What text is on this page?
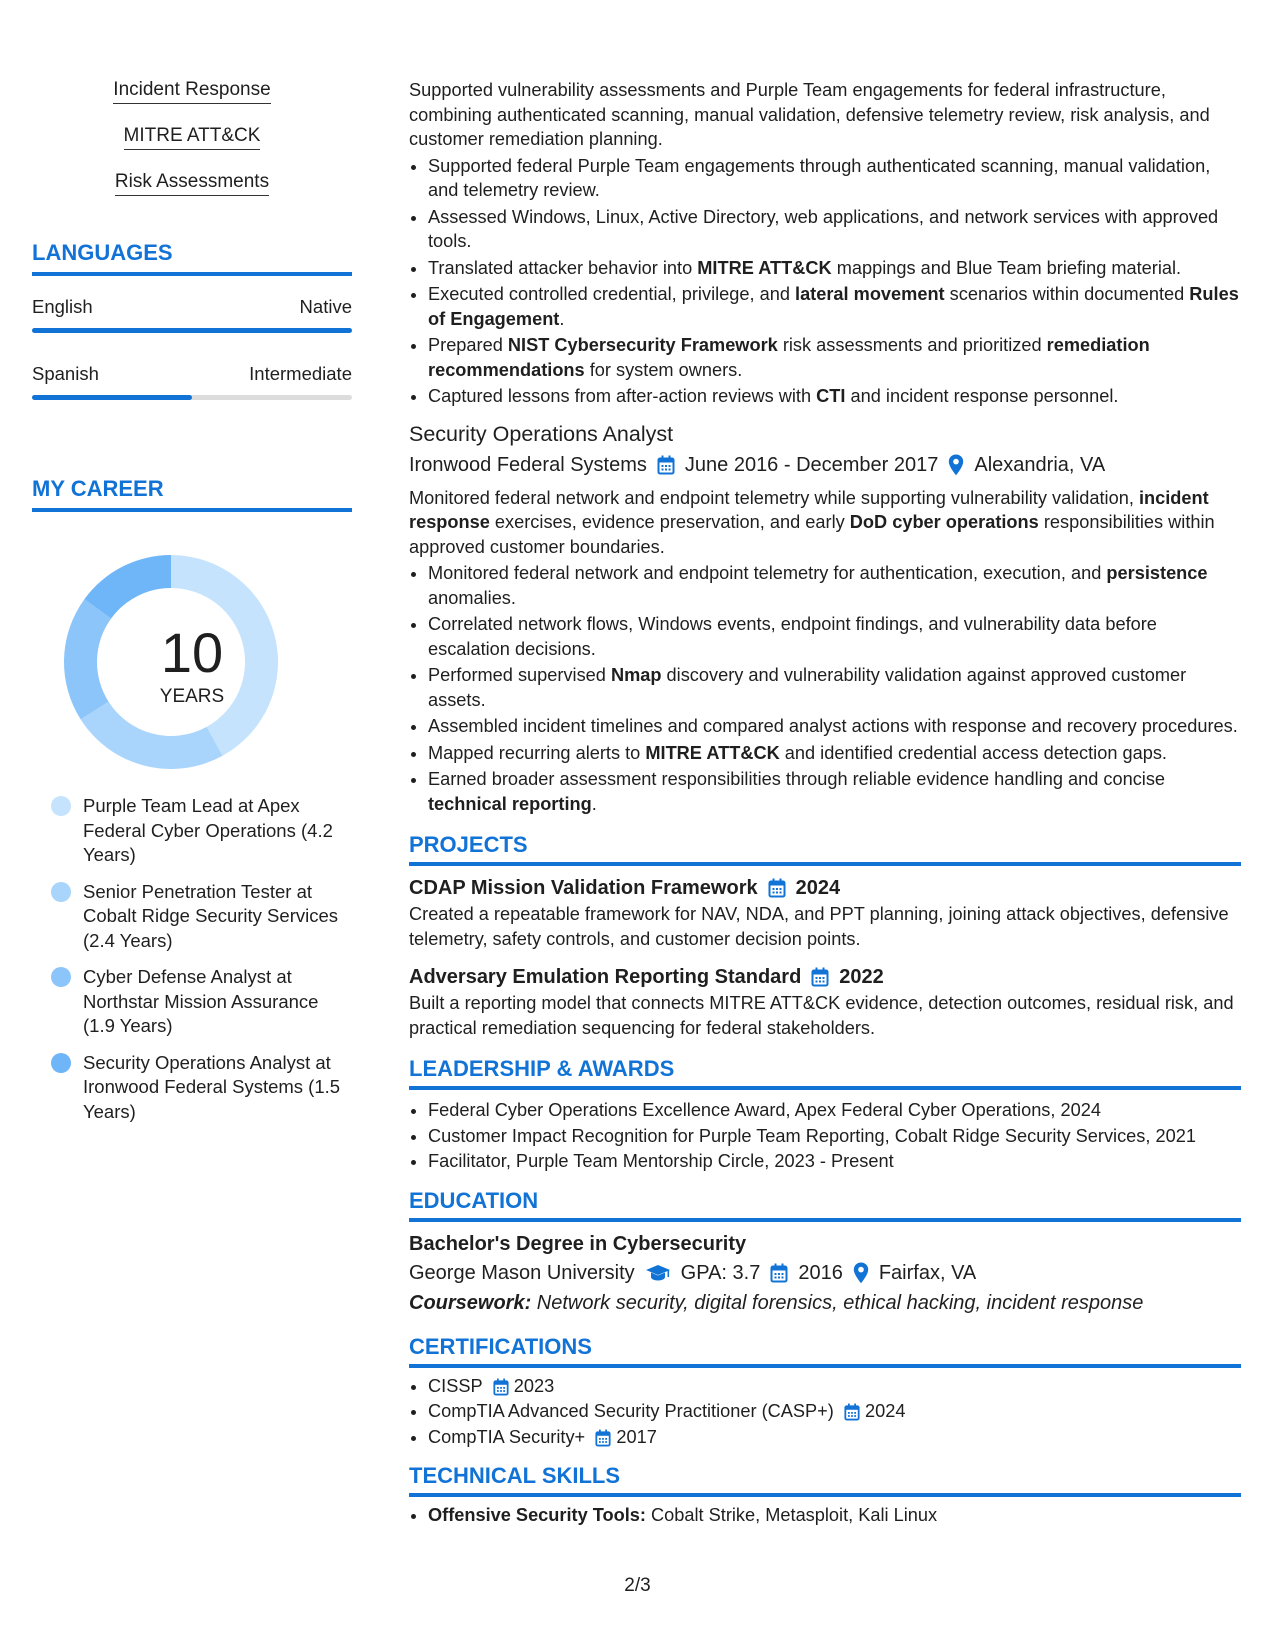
Incident ResponseMITRE ATT&CK
Risk Assessments
LANGUAGES
English	Native
Spanish	Intermediate
MY CAREER
10
YEARS
Purple Team Lead at Apex Federal Cyber Operations (4.2 Years)
Senior Penetration Tester at Cobalt Ridge Security Services (2.4 Years)
Cyber Defense Analyst at Northstar Mission Assurance (1.9 Years)
Security Operations Analyst at Ironwood Federal Systems (1.5 Years)

Supported vulnerability assessments and Purple Team engagements for federal infrastructure, combining authenticated scanning, manual validation, defensive telemetry review, risk analysis, and customer remediation planning.

• Supported federal Purple Team engagements through authenticated scanning, manual validation, and telemetry review.
• Assessed Windows, Linux, Active Directory, web applications, and network services with approved tools.
• Translated attacker behavior into MITRE ATT&CK mappings and Blue Team briefing material.
• Executed controlled credential, privilege, and lateral movement scenarios within documented Rules of Engagement.
• Prepared NIST Cybersecurity Framework risk assessments and prioritized remediation recommendations for system owners.
• Captured lessons from after-action reviews with CTI and incident response personnel.
Security Operations Analyst
Ironwood Federal Systems June 2016 - December 2017 Alexandria, VA

Monitored federal network and endpoint telemetry while supporting vulnerability validation, incident response exercises, evidence preservation, and early DoD cyber operations responsibilities within approved customer boundaries.

• Monitored federal network and endpoint telemetry for authentication, execution, and persistence anomalies.
• Correlated network flows, Windows events, endpoint findings, and vulnerability data before escalation decisions.
• Performed supervised Nmap discovery and vulnerability validation against approved customer assets.
• Assembled incident timelines and compared analyst actions with response and recovery procedures.
• Mapped recurring alerts to MITRE ATT&CK and identified credential access detection gaps.
• Earned broader assessment responsibilities through reliable evidence handling and concise technical reporting.
PROJECTS
CDAP Mission Validation Framework 2024

Created a repeatable framework for NAV, NDA, and PPT planning, joining attack objectives, defensive telemetry, safety controls, and customer decision points.

Adversary Emulation Reporting Standard 2022

Built a reporting model that connects MITRE ATT&CK evidence, detection outcomes, residual risk, and practical remediation sequencing for federal stakeholders.

LEADERSHIP & AWARDS
• Federal Cyber Operations Excellence Award, Apex Federal Cyber Operations, 2024
• Customer Impact Recognition for Purple Team Reporting, Cobalt Ridge Security Services, 2021
• Facilitator, Purple Team Mentorship Circle, 2023 - Present
EDUCATION
Bachelor's Degree in Cybersecurity
George Mason University GPA: 3.7 2016 Fairfax, VA
Coursework: Network security, digital forensics, ethical hacking, incident response
CERTIFICATIONS
• CISSP 2023
• CompTIA Advanced Security Practitioner (CASP+) 2024
• CompTIA Security+ 2017
TECHNICAL SKILLS
• Offensive Security Tools: Cobalt Strike, Metasploit, Kali Linux
2/3
